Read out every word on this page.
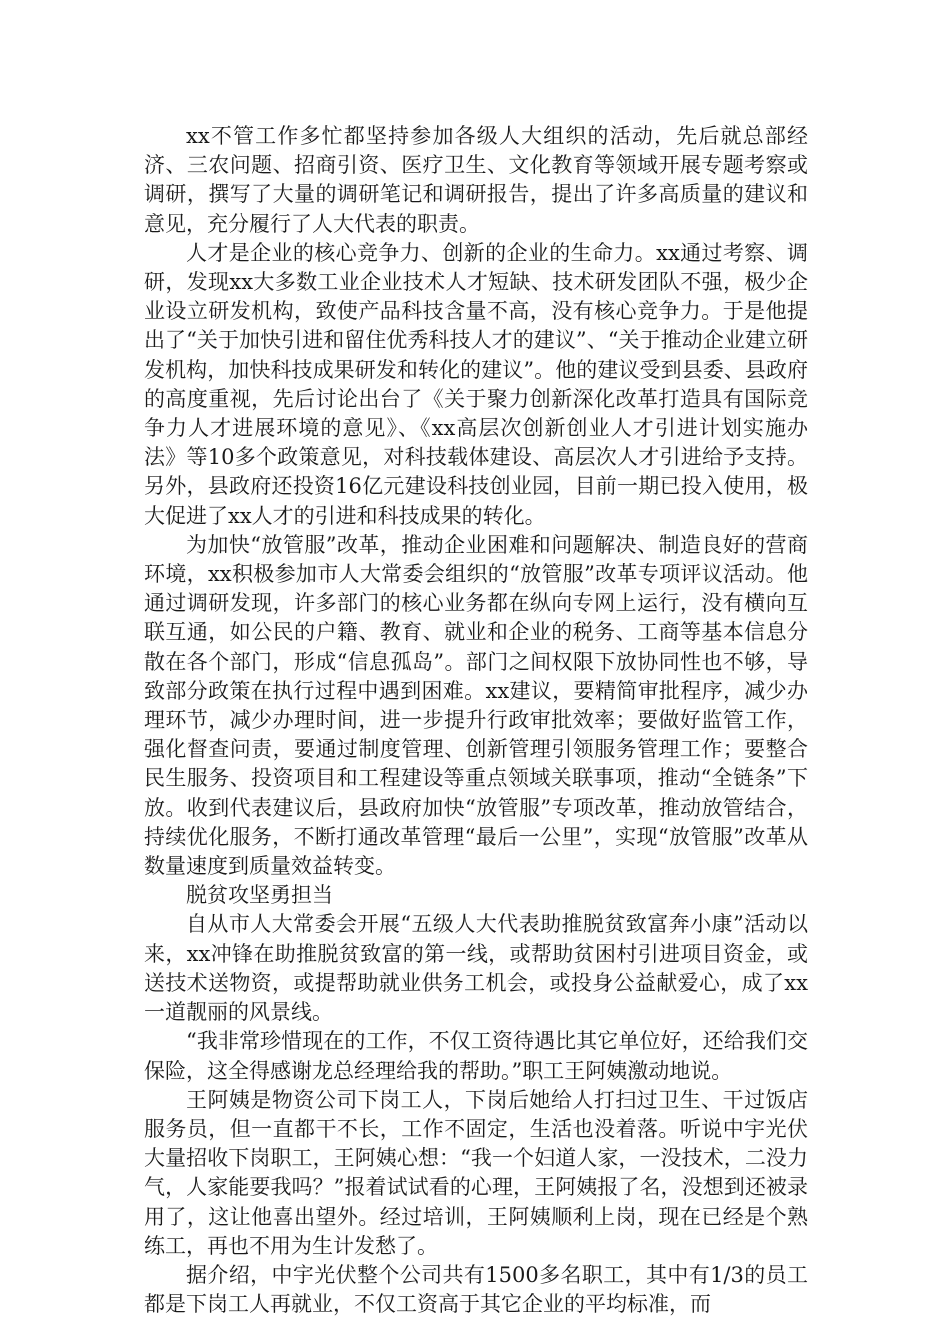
xx不管工作多忙都坚持参加各级人大组织的活动，先后就总部经济、三农问题、招商引资、医疗卫生、文化教育等领域开展专题考察或调研，撰写了大量的调研笔记和调研报告，提出了许多高质量的建议和意见，充分履行了人大代表的职责。

人才是企业的核心竞争力、创新的企业的生命力。xx通过考察、调研，发现xx大多数工业企业技术人才短缺、技术研发团队不强，极少企业设立研发机构，致使产品科技含量不高，没有核心竞争力。于是他提出了“关于加快引进和留住优秀科技人才的建议”、“关于推动企业建立研发机构，加快科技成果研发和转化的建议”。他的建议受到县委、县政府的高度重视，先后讨论出台了《关于聚力创新深化改革打造具有国际竞争力人才进展环境的意见》、《xx高层次创新创业人才引进计划实施办法》等10多个政策意见，对科技载体建设、高层次人才引进给予支持。另外，县政府还投资16亿元建设科技创业园，目前一期已投入使用，极大促进了xx人才的引进和科技成果的转化。

为加快“放管服”改革，推动企业困难和问题解决、制造良好的营商环境，xx积极参加市人大常委会组织的“放管服”改革专项评议活动。他通过调研发现，许多部门的核心业务都在纵向专网上运行，没有横向互联互通，如公民的户籍、教育、就业和企业的税务、工商等基本信息分散在各个部门，形成“信息孤岛”。部门之间权限下放协同性也不够，导致部分政策在执行过程中遇到困难。xx建议，要精简审批程序，减少办理环节，减少办理时间，进一步提升行政审批效率；要做好监管工作，强化督查问责，要通过制度管理、创新管理引领服务管理工作；要整合民生服务、投资项目和工程建设等重点领域关联事项，推动“全链条”下放。收到代表建议后，县政府加快“放管服”专项改革，推动放管结合，持续优化服务，不断打通改革管理“最后一公里”，实现“放管服”改革从数量速度到质量效益转变。

脱贫攻坚勇担当

自从市人大常委会开展“五级人大代表助推脱贫致富奔小康”活动以来，xx冲锋在助推脱贫致富的第一线，或帮助贫困村引进项目资金，或送技术送物资，或提帮助就业供务工机会，或投身公益献爱心，成了xx一道靓丽的风景线。

“我非常珍惜现在的工作，不仅工资待遇比其它单位好，还给我们交保险，这全得感谢龙总经理给我的帮助。”职工王阿姨激动地说。

王阿姨是物资公司下岗工人，下岗后她给人打扫过卫生、干过饭店服务员，但一直都干不长，工作不固定，生活也没着落。听说中宇光伏大量招收下岗职工，王阿姨心想：“我一个妇道人家，一没技术，二没力气，人家能要我吗？”报着试试看的心理，王阿姨报了名，没想到还被录用了，这让他喜出望外。经过培训，王阿姨顺利上岗，现在已经是个熟练工，再也不用为生计发愁了。

据介绍，中宇光伏整个公司共有1500多名职工，其中有1/3的员工都是下岗工人再就业，不仅工资高于其它企业的平均标准，而
